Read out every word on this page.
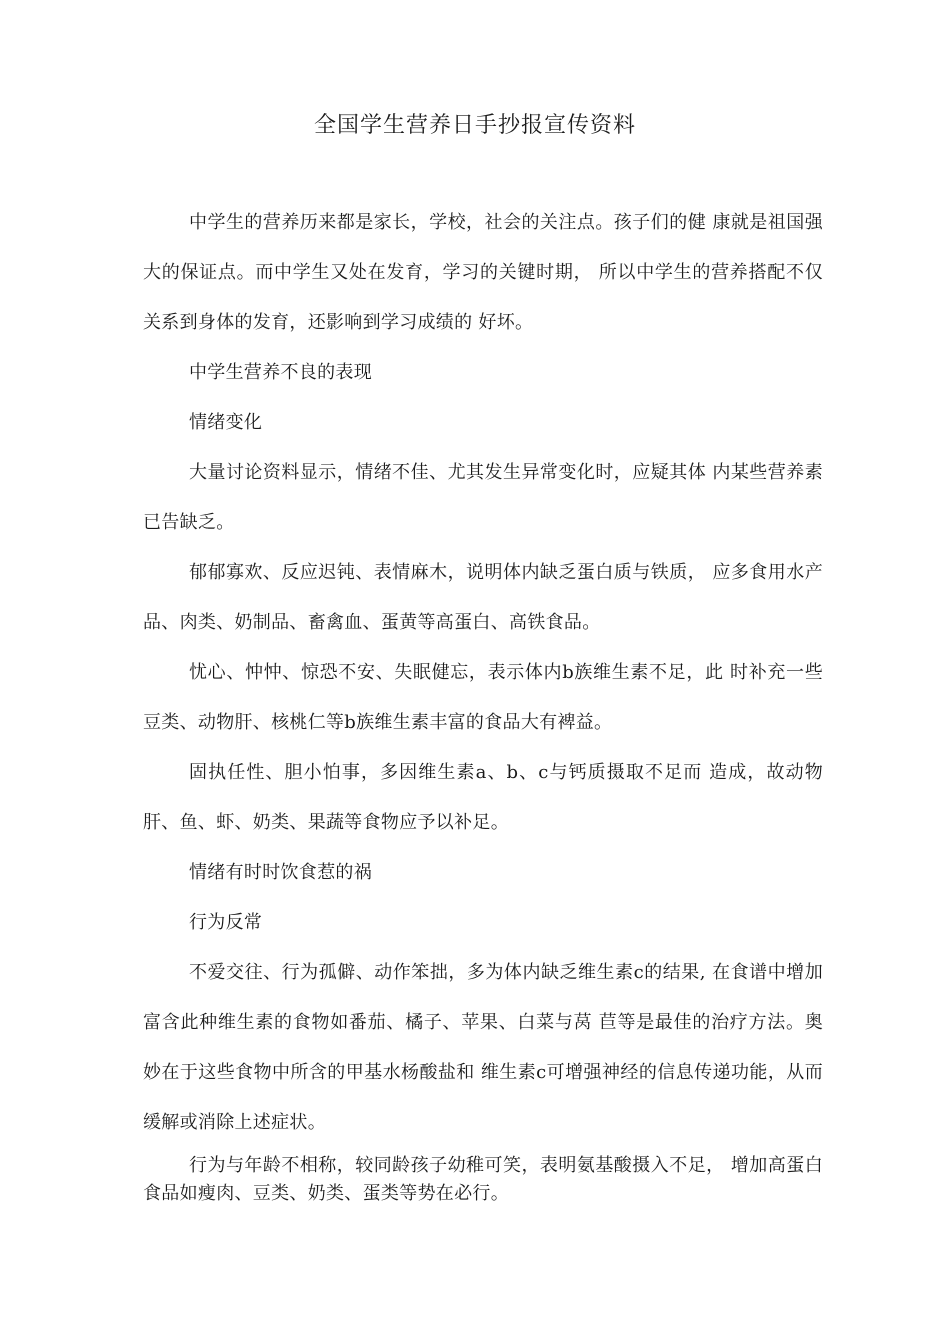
全国学生营养日手抄报宣传资料

中学生的营养历来都是家长，学校，社会的关注点。孩子们的健 康就是祖国强大的保证点。而中学生又处在发育，学习的关键时期， 所以中学生的营养搭配不仅关系到身体的发育，还影响到学习成绩的 好坏。

中学生营养不良的表现

情绪变化

大量讨论资料显示，情绪不佳、尤其发生异常变化时，应疑其体 内某些营养素已告缺乏。

郁郁寡欢、反应迟钝、表情麻木，说明体内缺乏蛋白质与铁质， 应多食用水产品、肉类、奶制品、畜禽血、蛋黄等高蛋白、高铁食品。

忧心、忡忡、惊恐不安、失眠健忘，表示体内b族维生素不足，此 时补充一些豆类、动物肝、核桃仁等b族维生素丰富的食品大有裨益。

固执任性、胆小怕事，多因维生素a、b、c与钙质摄取不足而 造成，故动物肝、鱼、虾、奶类、果蔬等食物应予以补足。

情绪有时时饮食惹的祸

行为反常

不爱交往、行为孤僻、动作笨拙，多为体内缺乏维生素c的结果, 在食谱中增加富含此种维生素的食物如番茄、橘子、苹果、白菜与莴 苣等是最佳的治疗方法。奥妙在于这些食物中所含的甲基水杨酸盐和 维生素c可增强神经的信息传递功能，从而缓解或消除上述症状。

行为与年龄不相称，较同龄孩子幼稚可笑，表明氨基酸摄入不足， 增加高蛋白食品如瘦肉、豆类、奶类、蛋类等势在必行。
